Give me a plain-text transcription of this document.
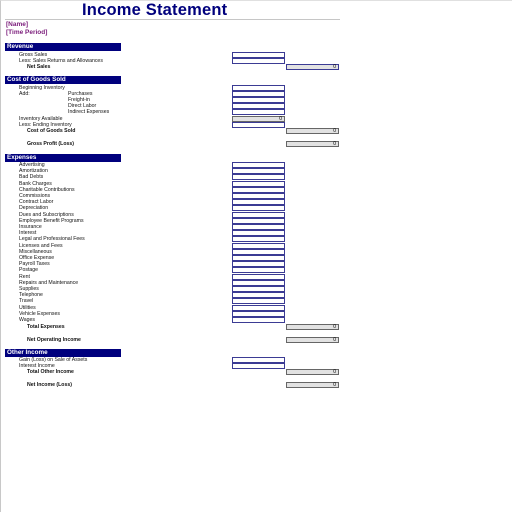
Income Statement
[Name]
[Time Period]
Revenue
Gross Sales
Less: Sales Returns and Allowances
Net Sales	0
Cost of Goods Sold
Beginning Inventory
Add:	Purchases
Freight-in
Direct Labor
Indirect Expenses
Inventory Available	0
Less: Ending Inventory
Cost of Goods Sold	0
Gross Profit (Loss)	0
Expenses
Advertising
Amortization
Bad Debts
Bank Charges
Charitable Contributions
Commissions
Contract Labor
Depreciation
Dues and Subscriptions
Employee Benefit Programs
Insurance
Interest
Legal and Professional Fees
Licenses and Fees
Miscellaneous
Office Expense
Payroll Taxes
Postage
Rent
Repairs and Maintenance
Supplies
Telephone
Travel
Utilities
Vehicle Expenses
Wages
Total Expenses	0
Net Operating Income	0
Other Income
Gain (Loss) on Sale of Assets
Interest Income
Total Other Income	0
Net Income (Loss)	0
